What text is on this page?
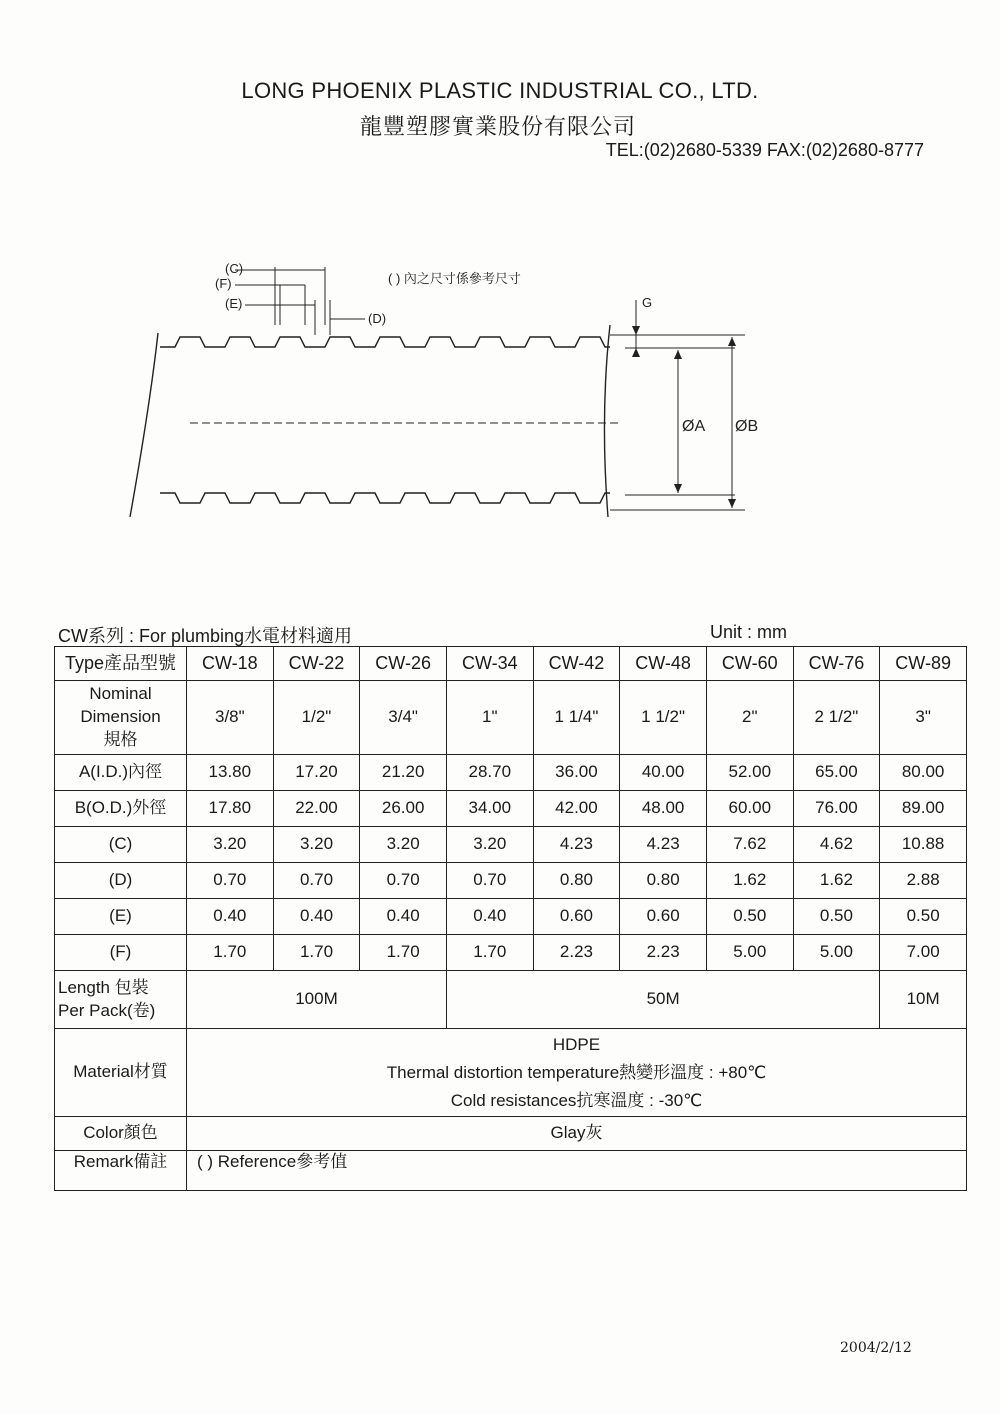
LONG PHOENIX PLASTIC INDUSTRIAL CO., LTD.
龍豐塑膠實業股份有限公司
TEL:(02)2680-5339 FAX:(02)2680-8777
(C)
(F)
(E)
(D)
( ) 內之尺寸係參考尺寸
G
ØA ØB
CW系列 : For plumbing水電材料適用	Unit : mm
Type產品型號	CW-18	CW-22	CW-26	CW-34	CW-42	CW-48	CW-60	CW-76	CW-89
Nominal
Dimension
規格	3/8"	1/2"	3/4"	1"	1 1/4"	1 1/2"	2"	2 1/2"	3"
A(I.D.)內徑	13.80	17.20	21.20	28.70	36.00	40.00	52.00	65.00	80.00
B(O.D.)外徑	17.80	22.00	26.00	34.00	42.00	48.00	60.00	76.00	89.00
(C)	3.20	3.20	3.20	3.20	4.23	4.23	7.62	4.62	10.88
(D)	0.70	0.70	0.70	0.70	0.80	0.80	1.62	1.62	2.88
(E)	0.40	0.40	0.40	0.40	0.60	0.60	0.50	0.50	0.50
(F)	1.70	1.70	1.70	1.70	2.23	2.23	5.00	5.00	7.00
Length 包裝
Per Pack(卷)	100M			50M					10M
Material材質	HDPE
Thermal distortion temperature熱變形溫度 : +80℃
Cold resistances抗寒溫度 : -30℃								

Color顏色	Glay灰								
Remark備註	( ) Reference參考值								
2004/2/12
